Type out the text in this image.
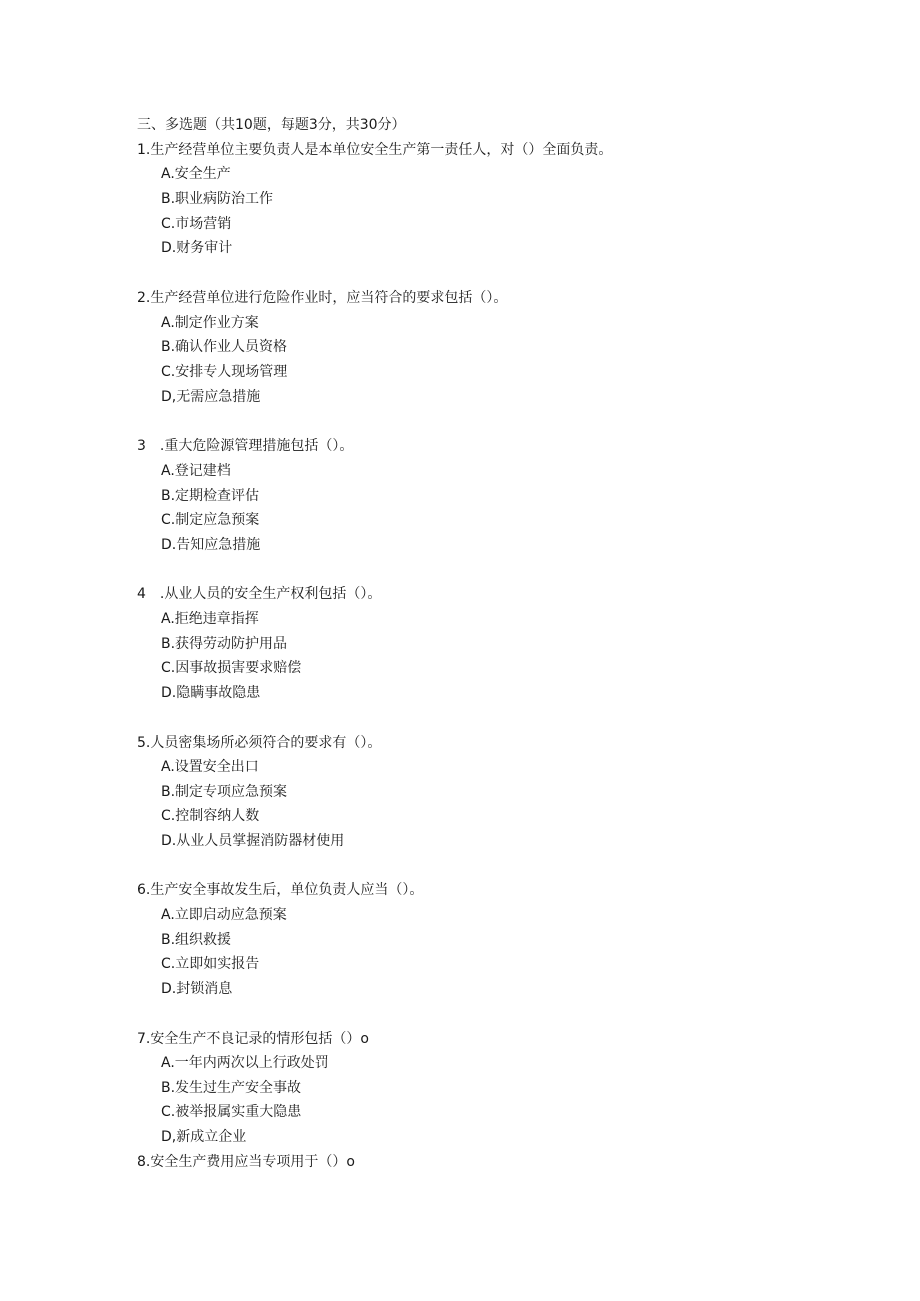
三、多选题（共10题，每题3分，共30分）
1.生产经营单位主要负责人是本单位安全生产第一责任人，对（）全面负责。
A.安全生产
B.职业病防治工作
C.市场营销
D.财务审计
2.生产经营单位进行危险作业时，应当符合的要求包括（）。
A.制定作业方案
B.确认作业人员资格
C.安排专人现场管理
D,无需应急措施
3　.重大危险源管理措施包括（）。
A.登记建档
B.定期检查评估
C.制定应急预案
D.告知应急措施
4　.从业人员的安全生产权利包括（）。
A.拒绝违章指挥
B.获得劳动防护用品
C.因事故损害要求赔偿
D.隐瞒事故隐患
5.人员密集场所必须符合的要求有（）。
A.设置安全出口
B.制定专项应急预案
C.控制容纳人数
D.从业人员掌握消防器材使用
6.生产安全事故发生后，单位负责人应当（）。
A.立即启动应急预案
B.组织救援
C.立即如实报告
D.封锁消息
7.安全生产不良记录的情形包括（）o
A.一年内两次以上行政处罚
B.发生过生产安全事故
C.被举报属实重大隐患
D,新成立企业
8.安全生产费用应当专项用于（）o
